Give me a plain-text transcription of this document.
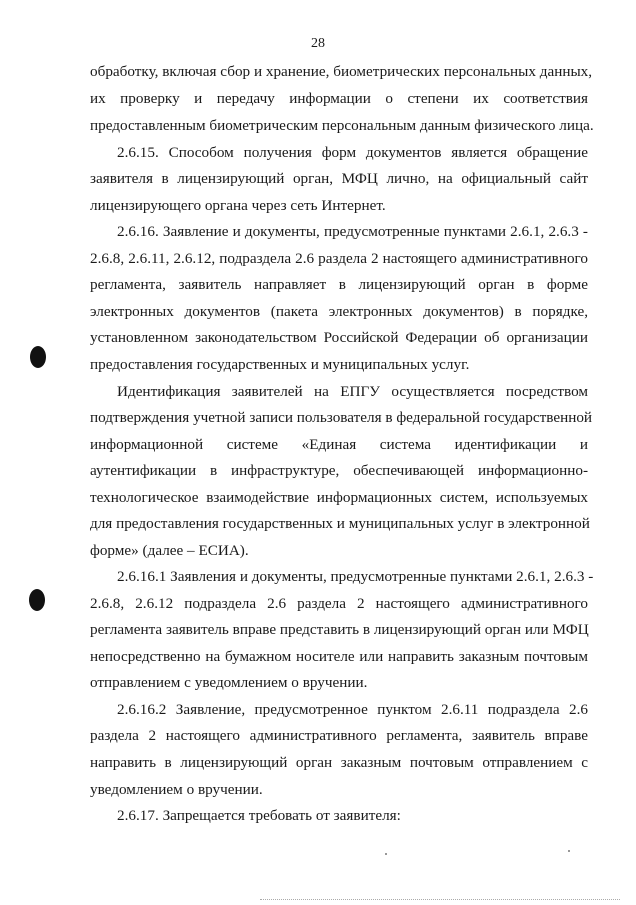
28
обработку, включая сбор и хранение, биометрических персональных данных,
их проверку и передачу информации о степени их соответствия
предоставленным биометрическим персональным данным физического лица.
2.6.15. Способом получения форм документов является обращение
заявителя в лицензирующий орган, МФЦ лично, на официальный сайт
лицензирующего органа через сеть Интернет.
2.6.16. Заявление и документы, предусмотренные пунктами 2.6.1, 2.6.3 -
2.6.8, 2.6.11, 2.6.12, подраздела 2.6 раздела 2 настоящего административного
регламента, заявитель направляет в лицензирующий орган в форме
электронных документов (пакета электронных документов) в порядке,
установленном законодательством Российской Федерации об организации
предоставления государственных и муниципальных услуг.
Идентификация заявителей на ЕПГУ осуществляется посредством
подтверждения учетной записи пользователя в федеральной государственной
информационной системе «Единая система идентификации и
аутентификации в инфраструктуре, обеспечивающей информационно-
технологическое взаимодействие информационных систем, используемых
для предоставления государственных и муниципальных услуг в электронной
форме» (далее – ЕСИА).
2.6.16.1 Заявления и документы, предусмотренные пунктами 2.6.1, 2.6.3 -
2.6.8, 2.6.12 подраздела 2.6 раздела 2 настоящего административного
регламента заявитель вправе представить в лицензирующий орган или МФЦ
непосредственно на бумажном носителе или направить заказным почтовым
отправлением с уведомлением о вручении.
2.6.16.2 Заявление, предусмотренное пунктом 2.6.11 подраздела 2.6
раздела 2 настоящего административного регламента, заявитель вправе
направить в лицензирующий орган заказным почтовым отправлением с
уведомлением о вручении.
2.6.17. Запрещается требовать от заявителя:
